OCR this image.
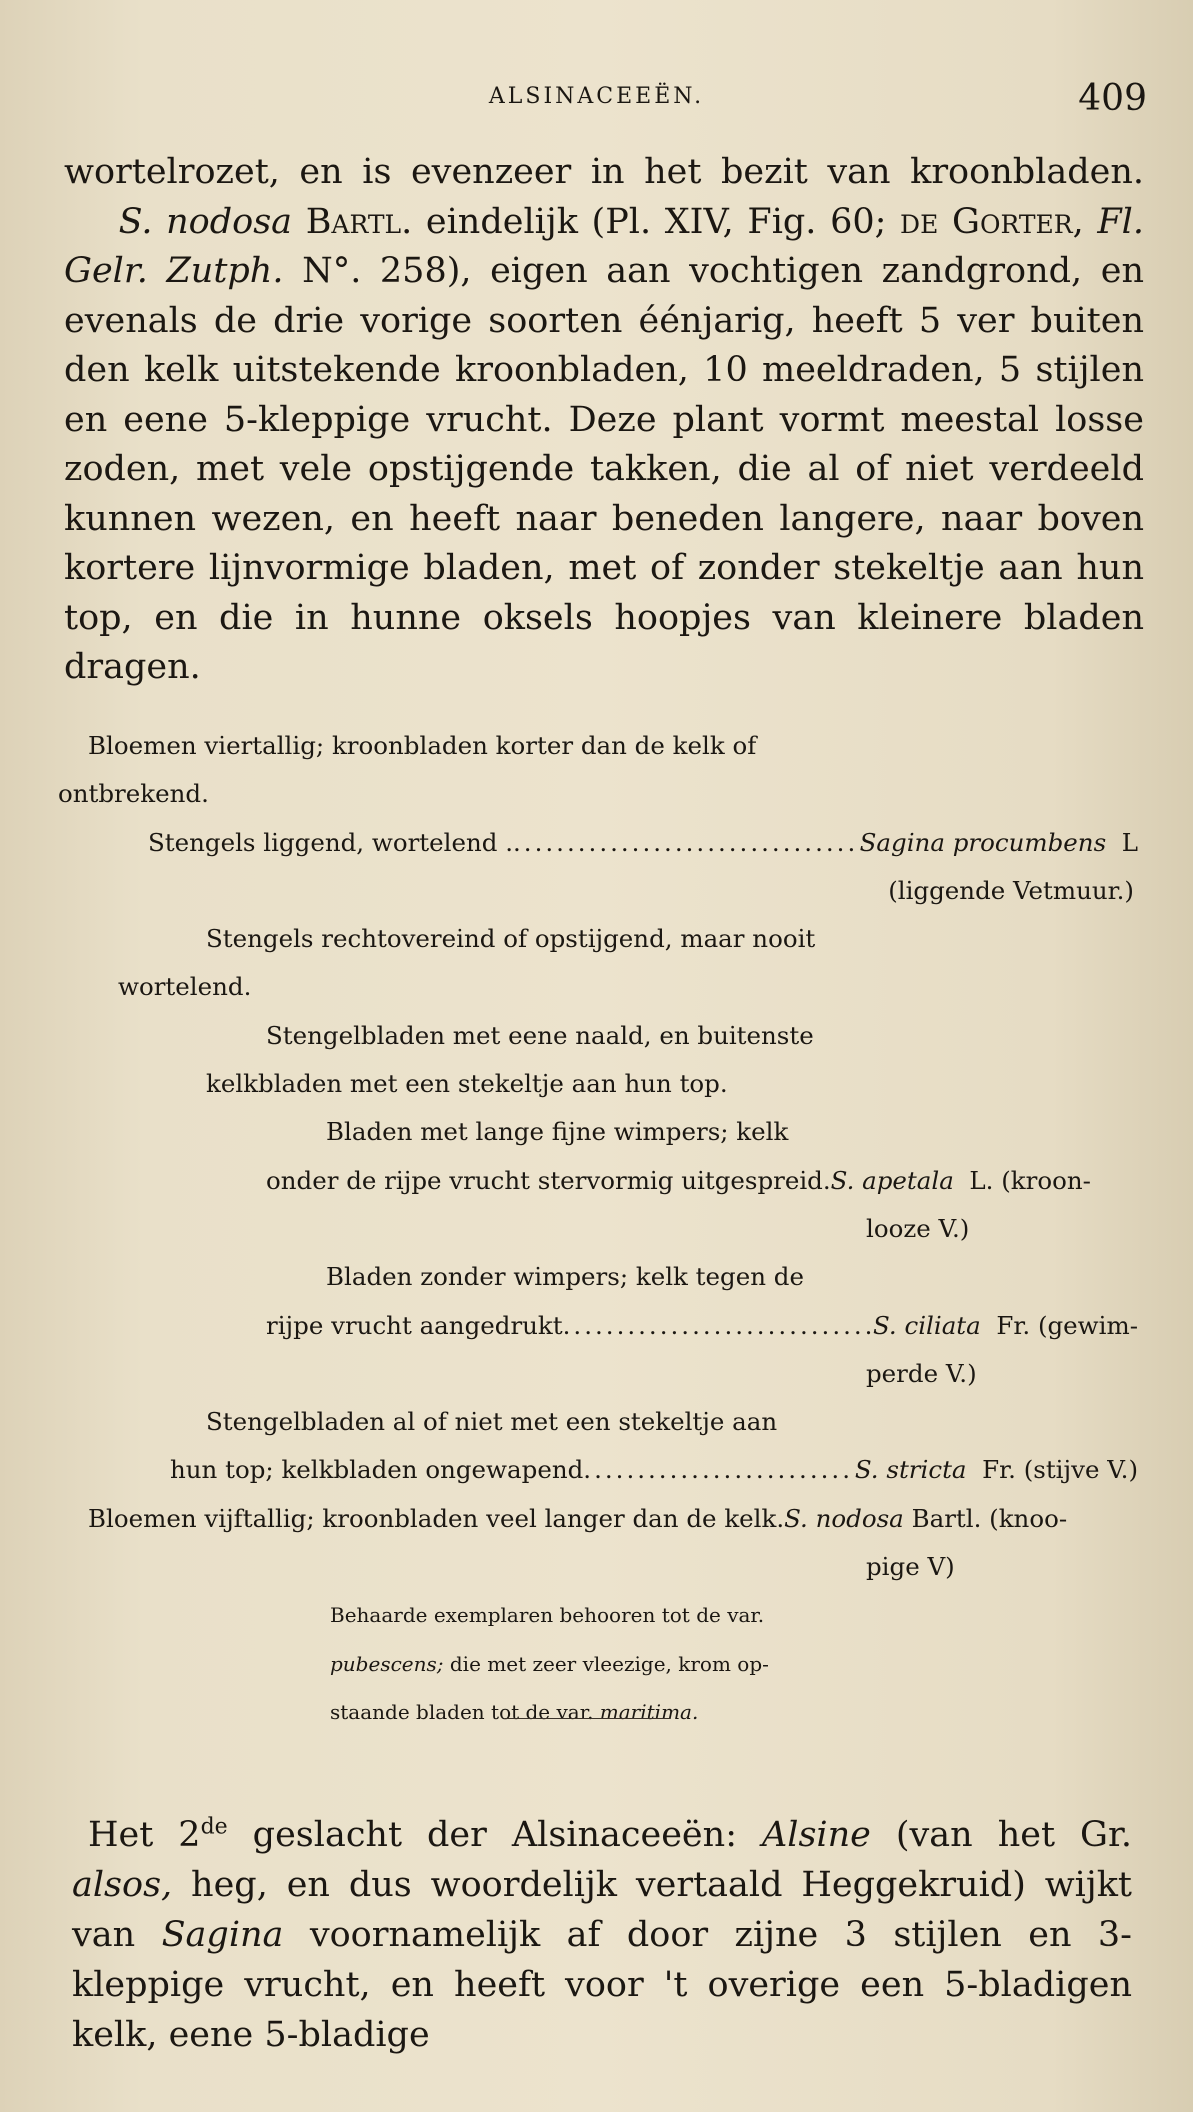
ALSINACEEËN.	409

wortelrozet, en is evenzeer in het bezit van kroonbladen.     S. nodosa Bartl. eindelijk (Pl. XIV, Fig. 60; de Gorter, Fl. Gelr. Zutph. N°. 258), eigen aan vochtigen zandgrond, en evenals de drie vorige soorten éénjarig, heeft 5 ver buiten den kelk uitstekende kroonbladen, 10 meeldraden, 5 stijlen en eene 5-kleppige vrucht. Deze plant vormt meestal losse zoden, met vele opstijgende takken, die al of niet verdeeld kunnen wezen, en heeft naar beneden langere, naar boven kortere lijnvormige bladen, met of zonder stekeltje aan hun top, en die in hunne oksels hoopjes van kleinere bladen dragen.

Bloemen viertallig; kroonbladen korter dan de kelk of
ontbrekend.
Stengels liggend, wortelend . .....	Sagina procumbens
L
(liggende Vetmuur.)
Stengels rechtovereind of opstijgend, maar nooit
wortelend.
Stengelbladen met eene naald, en buitenste
kelkbladen met een stekeltje aan hun top.
Bladen met lange fijne wimpers; kelk
onder de rijpe vrucht stervormig uitgespreid.S. apetala L. (kroon-
looze V.)
Bladen zonder wimpers; kelk tegen de
rijpe vrucht aangedrukt .....	S. ciliata
Fr. (gewim-
perde V.)
Stengelbladen al of niet met een stekeltje aan
hun top; kelkbladen ongewapend .....	S. stricta
Fr. (stijve V.)
Bloemen vijftallig; kroonbladen veel langer dan de kelk.S. nodosa Bartl. (knoo-
pige V)
Behaarde exemplaren behooren tot de var.
pubescens; die met zeer vleezige, krom op-
staande bladen tot de var. maritima.

Het 2de geslacht der Alsinaceeën: Alsine (van het Gr. alsos, heg, en dus woordelijk vertaald Heggekruid) wijkt van Sagina voornamelijk af door zijne 3 stijlen en 3-kleppige vrucht, en heeft voor 't overige een 5-bladigen kelk, eene 5-bladige
